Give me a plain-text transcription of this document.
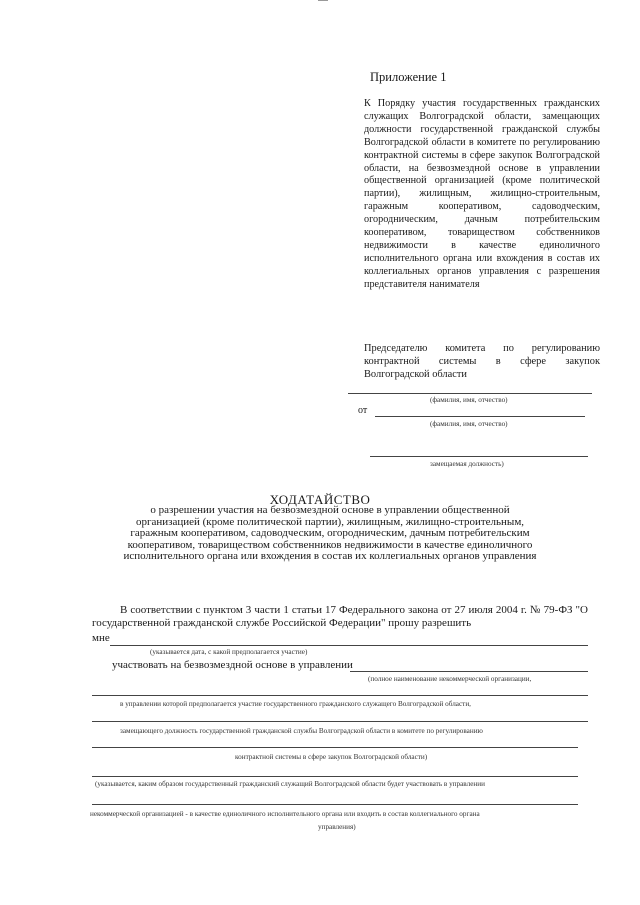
Приложение 1
К Порядку участия государственных гражданских служащих Волгоградской области, замещающих должности государственной гражданской службы Волгоградской области в комитете по регулированию контрактной системы в сфере закупок Волгоградской области, на безвозмездной основе в управлении общественной организацией (кроме политической партии), жилищным, жилищно-строительным, гаражным кооперативом, садоводческим, огородническим, дачным потребительским кооперативом, товариществом собственников недвижимости в качестве единоличного исполнительного органа или вхождения в состав их коллегиальных органов управления с разрешения представителя нанимателя
Председателю комитета по регулированию контрактной системы в сфере закупок Волгоградской области
(фамилия, имя, отчество)
от
(фамилия, имя, отчество)
замещаемая должность)
ХОДАТАЙСТВО
о разрешении участия на безвозмездной основе в управлении общественной организацией (кроме политической партии), жилищным, жилищно-строительным, гаражным кооперативом, садоводческим, огородническим, дачным потребительским кооперативом, товариществом собственников недвижимости в качестве единоличного исполнительного органа или вхождения в состав их коллегиальных органов управления
В соответствии с пунктом 3 части 1 статьи 17 Федерального закона от 27 июля 2004 г. № 79-ФЗ "О государственной гражданской службе Российской Федерации" прошу разрешить
мне
(указывается дата, с какой предполагается участие)
участвовать на безвозмездной основе в управлении
(полное наименование некоммерческой организации,
в управлении которой предполагается участие государственного гражданского служащего Волгоградской области,
замещающего должность государственной гражданской службы Волгоградской области в комитете по регулированию
контрактной системы в сфере закупок Волгоградской области)
(указывается, каким образом государственный гражданский служащий Волгоградской области будет участвовать в управлении
некоммерческой организацией - в качестве единоличного исполнительного органа или входить в состав коллегиального органа
управления)
